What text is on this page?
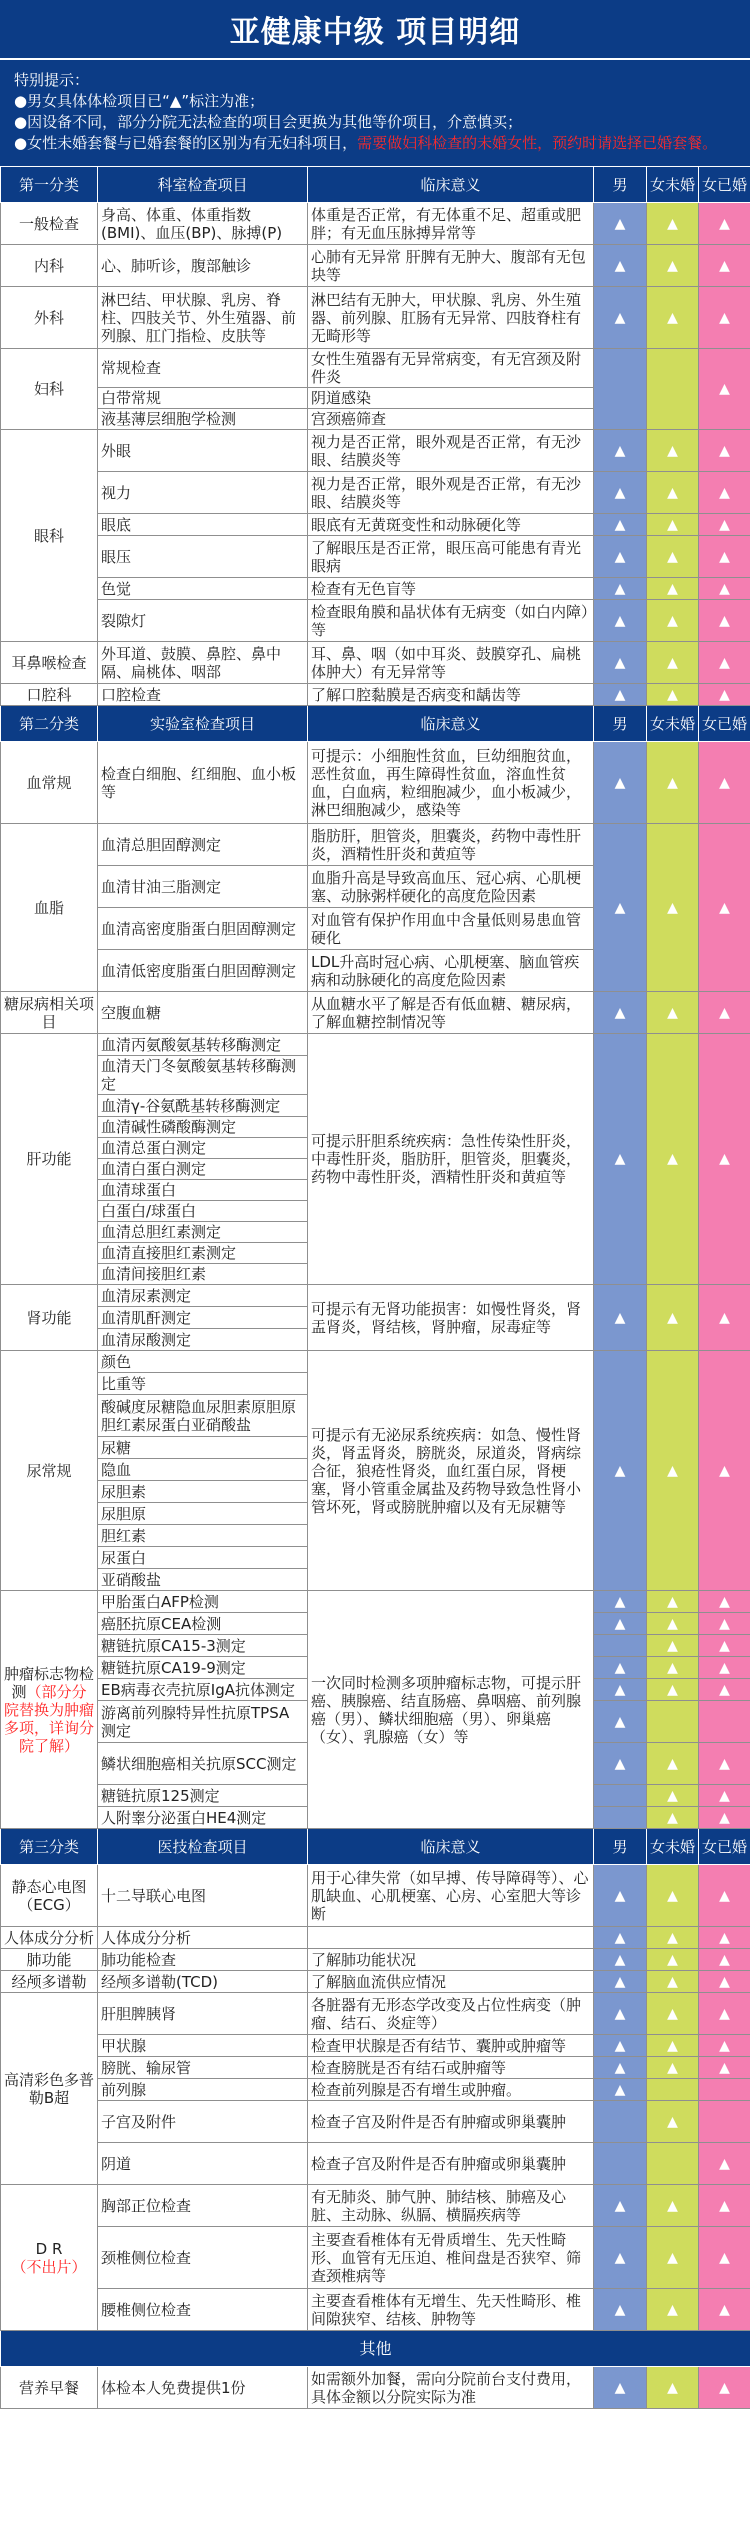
亚健康中级 项目明细
特别提示：
●男女具体体检项目已“▲”标注为准；
●因设备不同，部分分院无法检查的项目会更换为其他等价项目，介意慎买；
●女性未婚套餐与已婚套餐的区别为有无妇科项目，需要做妇科检查的未婚女性，预约时请选择已婚套餐。
第一分类	科室检查项目	临床意义	男	女未婚	女已婚
一般检查	身高、体重、体重指数(BMI)、血压(BP)、脉搏(P)	体重是否正常，有无体重不足、超重或肥胖；有无血压脉搏异常等	▲	▲	▲
内科	心、肺听诊，腹部触诊	心肺有无异常 肝脾有无肿大、腹部有无包块等	▲	▲	▲
外科	淋巴结、甲状腺、乳房、脊柱、四肢关节、外生殖器、前列腺、肛门指检、皮肤等	淋巴结有无肿大，甲状腺、乳房、外生殖器、前列腺、肛肠有无异常、四肢脊柱有无畸形等	▲	▲	▲
妇科	常规检查	女性生殖器有无异常病变，有无宫颈及附件炎			▲
	白带常规	阴道感染			
	液基薄层细胞学检测	宫颈癌筛查			
眼科	外眼	视力是否正常，眼外观是否正常，有无沙眼、结膜炎等	▲	▲	▲
	视力	视力是否正常，眼外观是否正常，有无沙眼、结膜炎等	▲	▲	▲
	眼底	眼底有无黄斑变性和动脉硬化等	▲	▲	▲
	眼压	了解眼压是否正常，眼压高可能患有青光眼病	▲	▲	▲
	色觉	检查有无色盲等	▲	▲	▲
	裂隙灯	检查眼角膜和晶状体有无病变（如白内障）等	▲	▲	▲
耳鼻喉检查	外耳道、鼓膜、鼻腔、鼻中隔、扁桃体、咽部	耳、鼻、咽（如中耳炎、鼓膜穿孔、扁桃体肿大）有无异常等	▲	▲	▲
口腔科	口腔检查	了解口腔黏膜是否病变和龋齿等	▲	▲	▲
第二分类	实验室检查项目	临床意义	男	女未婚	女已婚
血常规	检查白细胞、红细胞、血小板等	可提示：小细胞性贫血，巨幼细胞贫血，恶性贫血，再生障碍性贫血，溶血性贫血，白血病，粒细胞减少，血小板减少，淋巴细胞减少，感染等	▲	▲	▲
血脂	血清总胆固醇测定	脂肪肝，胆管炎，胆囊炎，药物中毒性肝炎，酒精性肝炎和黄疸等	▲	▲	▲
	血清甘油三脂测定	血脂升高是导致高血压、冠心病、心肌梗塞、动脉粥样硬化的高度危险因素			
	血清高密度脂蛋白胆固醇测定	对血管有保护作用血中含量低则易患血管硬化			
	血清低密度脂蛋白胆固醇测定	LDL升高时冠心病、心肌梗塞、脑血管疾病和动脉硬化的高度危险因素			
糖尿病相关项目	空腹血糖	从血糖水平了解是否有低血糖、糖尿病，了解血糖控制情况等	▲	▲	▲
肝功能	血清丙氨酸氨基转移酶测定	可提示肝胆系统疾病：急性传染性肝炎，中毒性肝炎，脂肪肝，胆管炎，胆囊炎，药物中毒性肝炎，酒精性肝炎和黄疸等	▲	▲	▲
	血清天门冬氨酸氨基转移酶测定				
	血清γ-谷氨酰基转移酶测定				
	血清碱性磷酸酶测定				
	血清总蛋白测定				
	血清白蛋白测定				
	血清球蛋白				
	白蛋白/球蛋白				
	血清总胆红素测定				
	血清直接胆红素测定				
	血清间接胆红素				
肾功能	血清尿素测定	可提示有无肾功能损害：如慢性肾炎，肾盂肾炎，肾结核，肾肿瘤，尿毒症等	▲	▲	▲
	血清肌酐测定				
	血清尿酸测定				
尿常规	颜色	可提示有无泌尿系统疾病：如急、慢性肾炎，肾盂肾炎，膀胱炎，尿道炎，肾病综合征，狼疮性肾炎，血红蛋白尿，肾梗塞，肾小管重金属盐及药物导致急性肾小管坏死，肾或膀胱肿瘤以及有无尿糖等	▲	▲	▲
	比重等				
	酸碱度尿糖隐血尿胆素原胆原胆红素尿蛋白亚硝酸盐				
	尿糖				
	隐血				
	尿胆素				
	尿胆原				
	胆红素				
	尿蛋白				
	亚硝酸盐				
肿瘤标志物检测（部分分院替换为肿瘤多项，详询分院了解）	甲胎蛋白AFP检测	一次同时检测多项肿瘤标志物，可提示肝癌、胰腺癌、结直肠癌、鼻咽癌、前列腺癌（男）、鳞状细胞癌（男）、卵巢癌（女）、乳腺癌（女）等	▲	▲	▲
	癌胚抗原CEA检测		▲	▲	▲
	糖链抗原CA15-3测定			▲	▲
	糖链抗原CA19-9测定		▲	▲	▲
	EB病毒衣壳抗原IgA抗体测定		▲	▲	▲
	游离前列腺特异性抗原TPSA测定		▲		
	鳞状细胞癌相关抗原SCC测定		▲	▲	▲
	糖链抗原125测定			▲	▲
	人附睾分泌蛋白HE4测定			▲	▲
第三分类	医技检查项目	临床意义	男	女未婚	女已婚
静态心电图（ECG）	十二导联心电图	用于心律失常（如早搏、传导障碍等）、心肌缺血、心肌梗塞、心房、心室肥大等诊断	▲	▲	▲
人体成分分析	人体成分分析		▲	▲	▲
肺功能	肺功能检查	了解肺功能状况	▲	▲	▲
经颅多谱勒	经颅多谱勒(TCD)	了解脑血流供应情况	▲	▲	▲
高清彩色多普勒B超	肝胆脾胰肾	各脏器有无形态学改变及占位性病变（肿瘤、结石、炎症等）	▲	▲	▲
	甲状腺	检查甲状腺是否有结节、囊肿或肿瘤等	▲	▲	▲
	膀胱、输尿管	检查膀胱是否有结石或肿瘤等	▲	▲	▲
	前列腺	检查前列腺是否有增生或肿瘤。	▲		
	子宫及附件	检查子宫及附件是否有肿瘤或卵巢囊肿		▲	
	阴道	检查子宫及附件是否有肿瘤或卵巢囊肿			▲

D R
（不出片）	胸部正位检查	有无肺炎、肺气肿、肺结核、肺癌及心脏、主动脉、纵膈、横膈疾病等	▲	▲	▲
	颈椎侧位检查	主要查看椎体有无骨质增生、先天性畸形、血管有无压迫、椎间盘是否狭窄、筛查颈椎病等	▲	▲	▲
	腰椎侧位检查	主要查看椎体有无增生、先天性畸形、椎间隙狭窄、结核、肿物等	▲	▲	▲
其他					
营养早餐	体检本人免费提供1份	如需额外加餐，需向分院前台支付费用，具体金额以分院实际为准	▲	▲	▲
